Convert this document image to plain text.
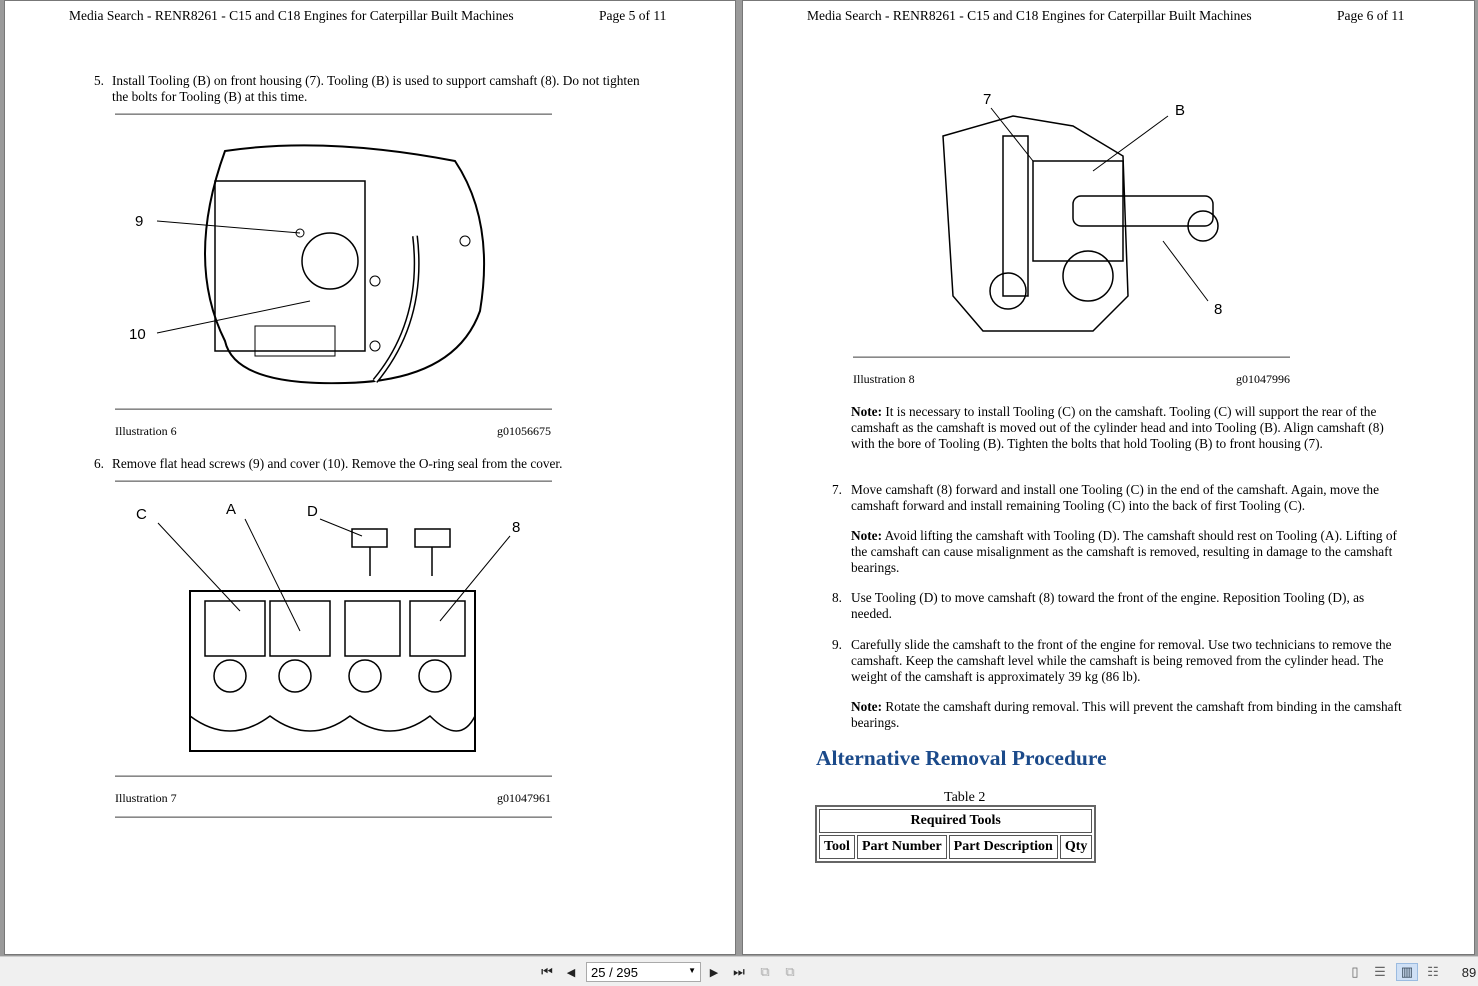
Media Search - RENR8261 - C15 and C18 Engines for Caterpillar Built Machines	Page 5 of 11
5. Install Tooling (B) on front housing (7). Tooling (B) is used to support camshaft (8). Do not tighten the bolts for Tooling (B) at this time.
9
10
Illustration 6	g01056675
6. Remove flat head screws (9) and cover (10). Remove the O-ring seal from the cover.
C	A	D
8
Illustration 7	g01047961
Media Search - RENR8261 - C15 and C18 Engines for Caterpillar Built Machines	Page 6 of 11
7
B
8
Illustration 8	g01047996
Note: It is necessary to install Tooling (C) on the camshaft. Tooling (C) will support the rear of the camshaft as the camshaft is moved out of the cylinder head and into Tooling (B). Align camshaft (8) with the bore of Tooling (B). Tighten the bolts that hold Tooling (B) to front housing (7).
7. Move camshaft (8) forward and install one Tooling (C) in the end of the camshaft. Again, move the camshaft forward and install remaining Tooling (C) into the back of first Tooling (C).
Note: Avoid lifting the camshaft with Tooling (D). The camshaft should rest on Tooling (A). Lifting of the camshaft can cause misalignment as the camshaft is removed, resulting in damage to the camshaft bearings.
8. Use Tooling (D) to move camshaft (8) toward the front of the engine. Reposition Tooling (D), as needed.
9. Carefully slide the camshaft to the front of the engine for removal. Use two technicians to remove the camshaft. Keep the camshaft level while the camshaft is being removed from the cylinder head. The weight of the camshaft is approximately 39 kg (86 lb).
Note: Rotate the camshaft during removal. This will prevent the camshaft from binding in the camshaft bearings.
Alternative Removal Procedure
Table 2
Required Tools
Tool	Part Number	Part Description	Qty
⏮	◀	25 / 295	▼	▶ ⏭ ⧉ ⧉	▯	☰	▥	☷ 89
